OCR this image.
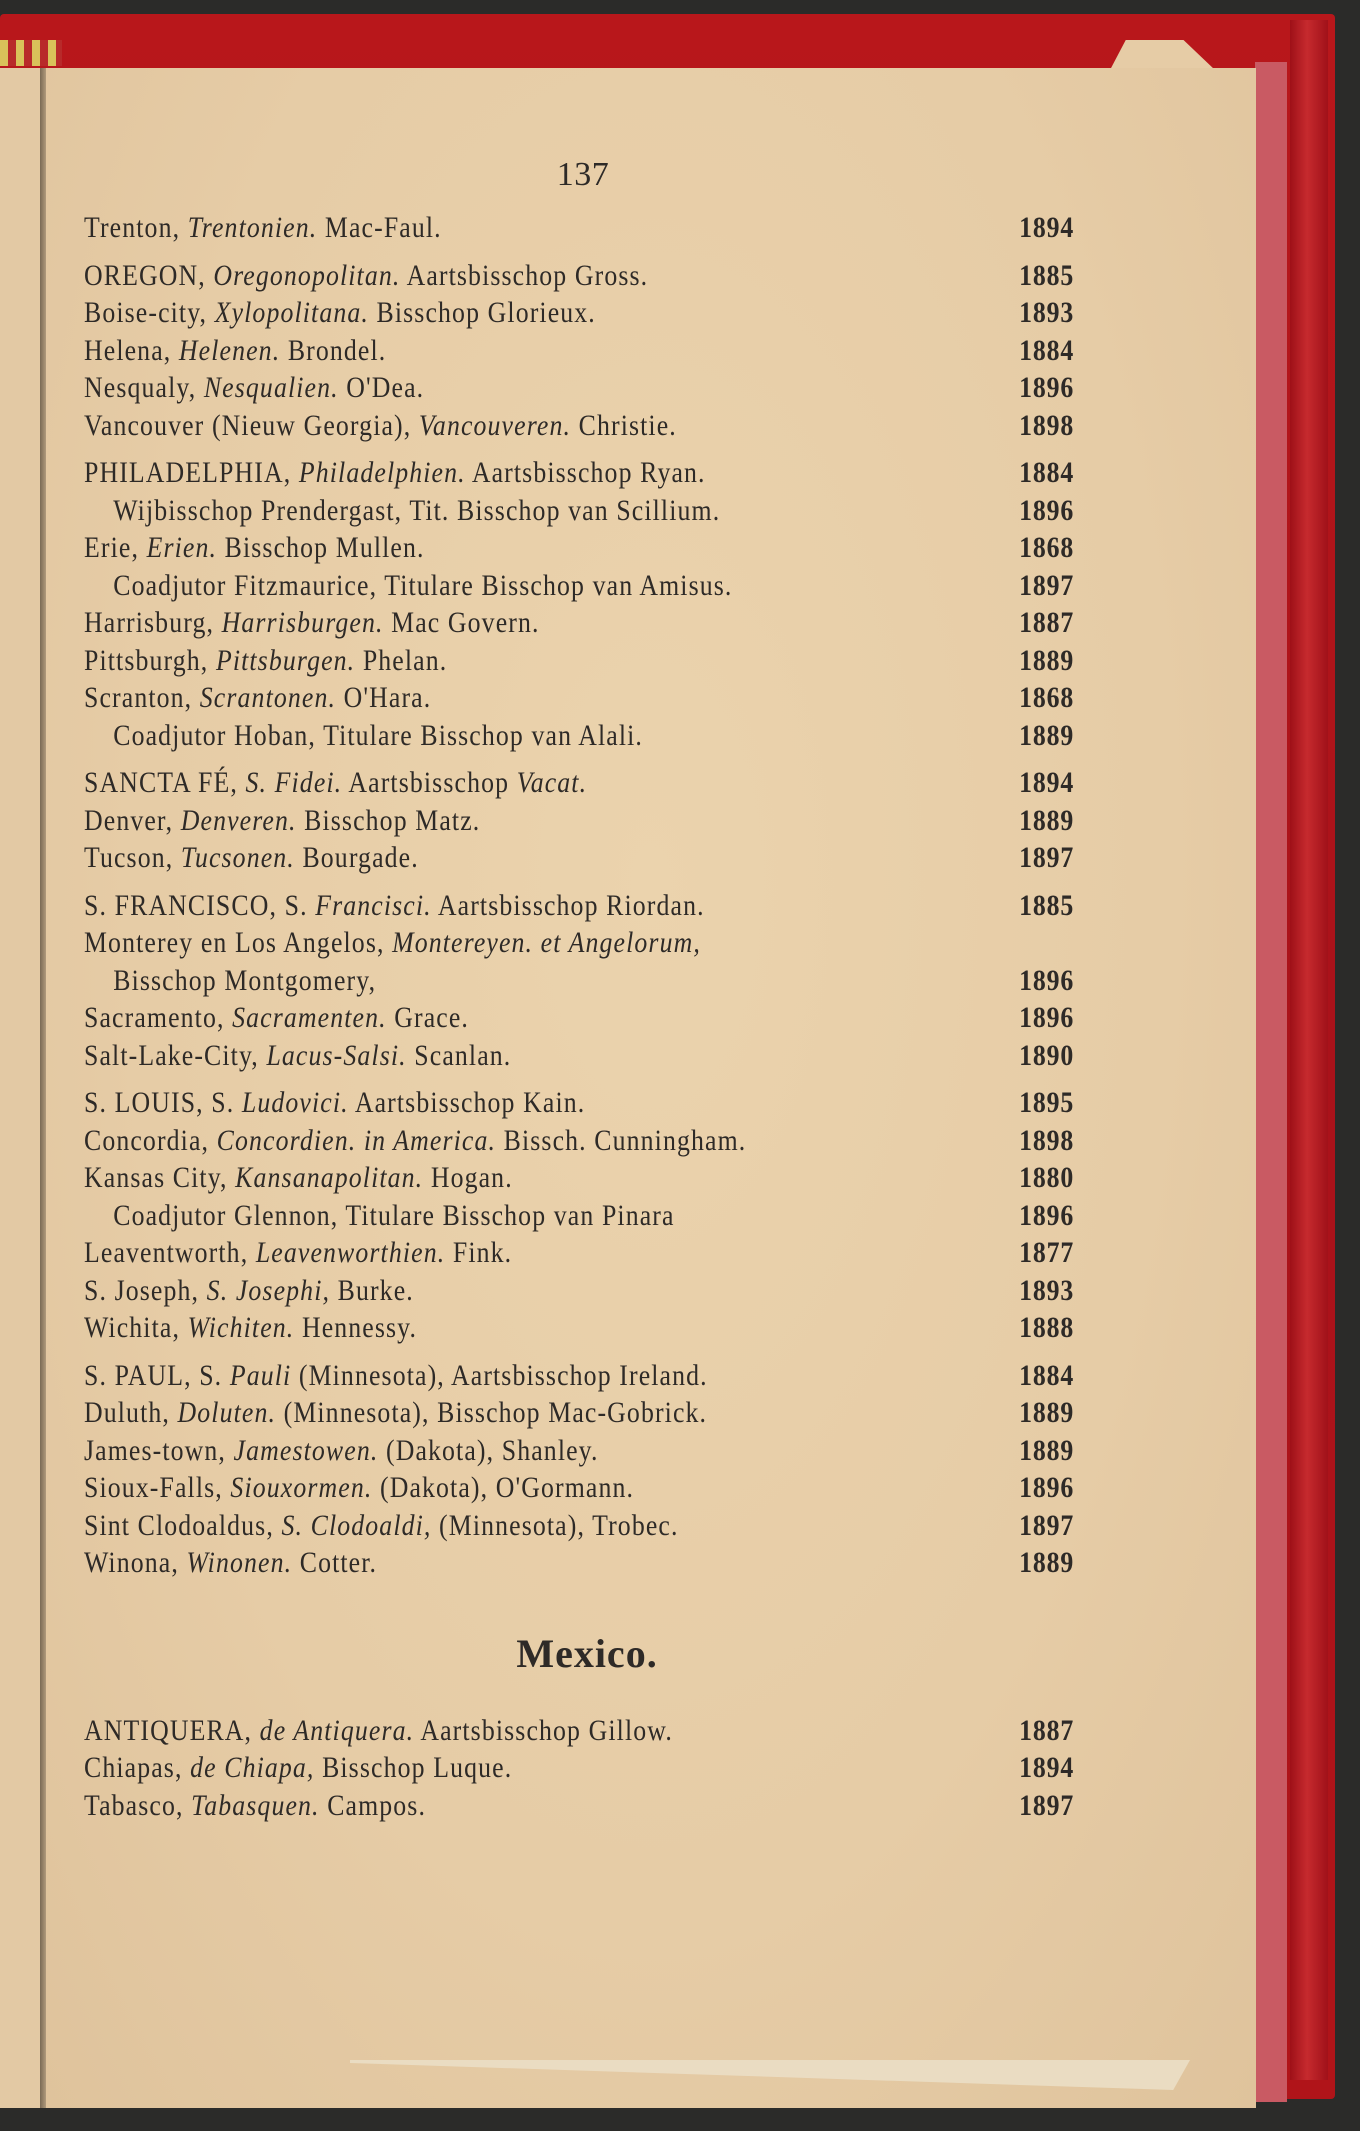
137
Trenton, Trentonien. Mac-Faul.	1894
OREGON, Oregonopolitan. Aartsbisschop Gross.	1885
Boise-city, Xylopolitana. Bisschop Glorieux.	1893
Helena, Helenen. Brondel.	1884
Nesqualy, Nesqualien. O'Dea.	1896
Vancouver (Nieuw Georgia), Vancouveren. Christie.	1898
PHILADELPHIA, Philadelphien. Aartsbisschop Ryan.	1884
Wijbisschop Prendergast, Tit. Bisschop van Scillium.	1896
Erie, Erien. Bisschop Mullen.	1868
Coadjutor Fitzmaurice, Titulare Bisschop van Amisus.	1897
Harrisburg, Harrisburgen. Mac Govern.	1887
Pittsburgh, Pittsburgen. Phelan.	1889
Scranton, Scrantonen. O'Hara.	1868
Coadjutor Hoban, Titulare Bisschop van Alali.	1889
SANCTA FÉ, S. Fidei. Aartsbisschop Vacat.	1894
Denver, Denveren. Bisschop Matz.	1889
Tucson, Tucsonen. Bourgade.	1897
S. FRANCISCO, S. Francisci. Aartsbisschop Riordan.	1885
Monterey en Los Angelos, Montereyen. et Angelorum,
Bisschop Montgomery,	1896
Sacramento, Sacramenten. Grace.	1896
Salt-Lake-City, Lacus-Salsi. Scanlan.	1890
S. LOUIS, S. Ludovici. Aartsbisschop Kain.	1895
Concordia, Concordien. in America. Bissch. Cunningham.	1898
Kansas City, Kansanapolitan. Hogan.	1880
Coadjutor Glennon, Titulare Bisschop van Pinara	1896
Leaventworth, Leavenworthien. Fink.	1877
S. Joseph, S. Josephi, Burke.	1893
Wichita, Wichiten. Hennessy.	1888
S. PAUL, S. Pauli (Minnesota), Aartsbisschop Ireland.	1884
Duluth, Doluten. (Minnesota), Bisschop Mac-Gobrick.	1889
James-town, Jamestowen. (Dakota), Shanley.	1889
Sioux-Falls, Siouxormen. (Dakota), O'Gormann.	1896
Sint Clodoaldus, S. Clodoaldi, (Minnesota), Trobec.	1897
Winona, Winonen. Cotter.	1889
Mexico.
ANTIQUERA, de Antiquera. Aartsbisschop Gillow.	1887
Chiapas, de Chiapa, Bisschop Luque.	1894
Tabasco, Tabasquen. Campos.	1897
